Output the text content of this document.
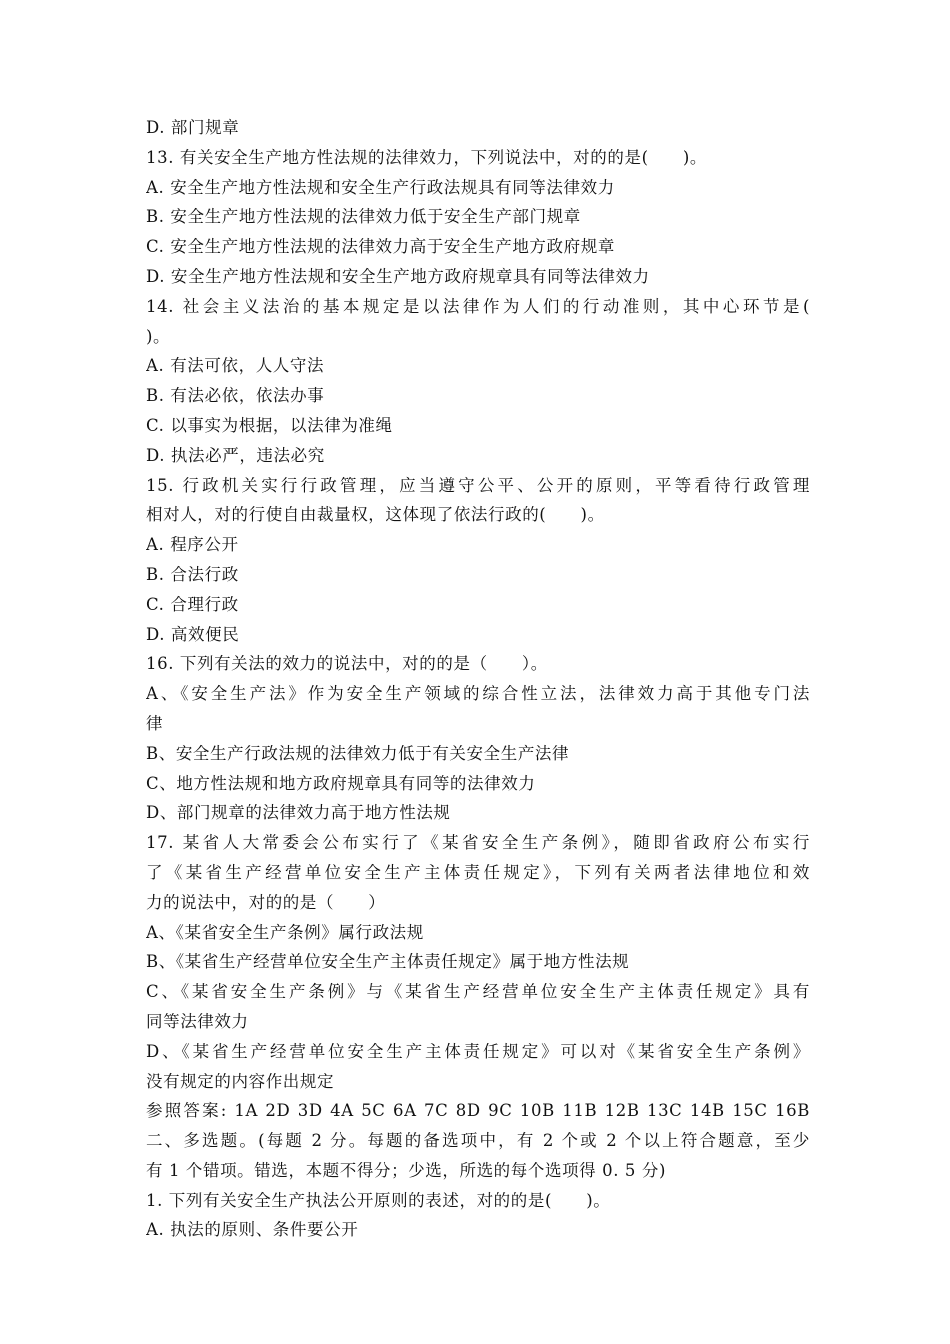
D. 部门规章
13. 有关安全生产地方性法规的法律效力，下列说法中，对的的是(　　)。
A. 安全生产地方性法规和安全生产行政法规具有同等法律效力
B. 安全生产地方性法规的法律效力低于安全生产部门规章
C. 安全生产地方性法规的法律效力高于安全生产地方政府规章
D. 安全生产地方性法规和安全生产地方政府规章具有同等法律效力
14. 社会主义法治的基本规定是以法律作为人们的行动准则，其中心环节是(
)。
A. 有法可依，人人守法
B. 有法必依，依法办事
C. 以事实为根据，以法律为准绳
D. 执法必严，违法必究
15. 行政机关实行行政管理，应当遵守公平、公开的原则，平等看待行政管理
相对人，对的行使自由裁量权，这体现了依法行政的(　　)。
A. 程序公开
B. 合法行政
C. 合理行政
D. 高效便民
16. 下列有关法的效力的说法中，对的的是（　　）。
A、《安全生产法》作为安全生产领域的综合性立法，法律效力高于其他专门法
律
B、安全生产行政法规的法律效力低于有关安全生产法律
C、地方性法规和地方政府规章具有同等的法律效力
D、部门规章的法律效力高于地方性法规
17. 某省人大常委会公布实行了《某省安全生产条例》，随即省政府公布实行
了《某省生产经营单位安全生产主体责任规定》，下列有关两者法律地位和效
力的说法中，对的的是（　　）
A、《某省安全生产条例》属行政法规
B、《某省生产经营单位安全生产主体责任规定》属于地方性法规
C、《某省安全生产条例》与《某省生产经营单位安全生产主体责任规定》具有
同等法律效力
D、《某省生产经营单位安全生产主体责任规定》可以对《某省安全生产条例》
没有规定的内容作出规定
参照答案: 1A 2D 3D 4A 5C 6A 7C 8D 9C 10B 11B 12B 13C 14B 15C 16B
二、多选题。(每题 2 分。每题的备选项中，有 2 个或 2 个以上符合题意，至少
有 1 个错项。错选，本题不得分；少选，所选的每个选项得 0. 5 分)
1. 下列有关安全生产执法公开原则的表述，对的的是(　　)。
A. 执法的原则、条件要公开
